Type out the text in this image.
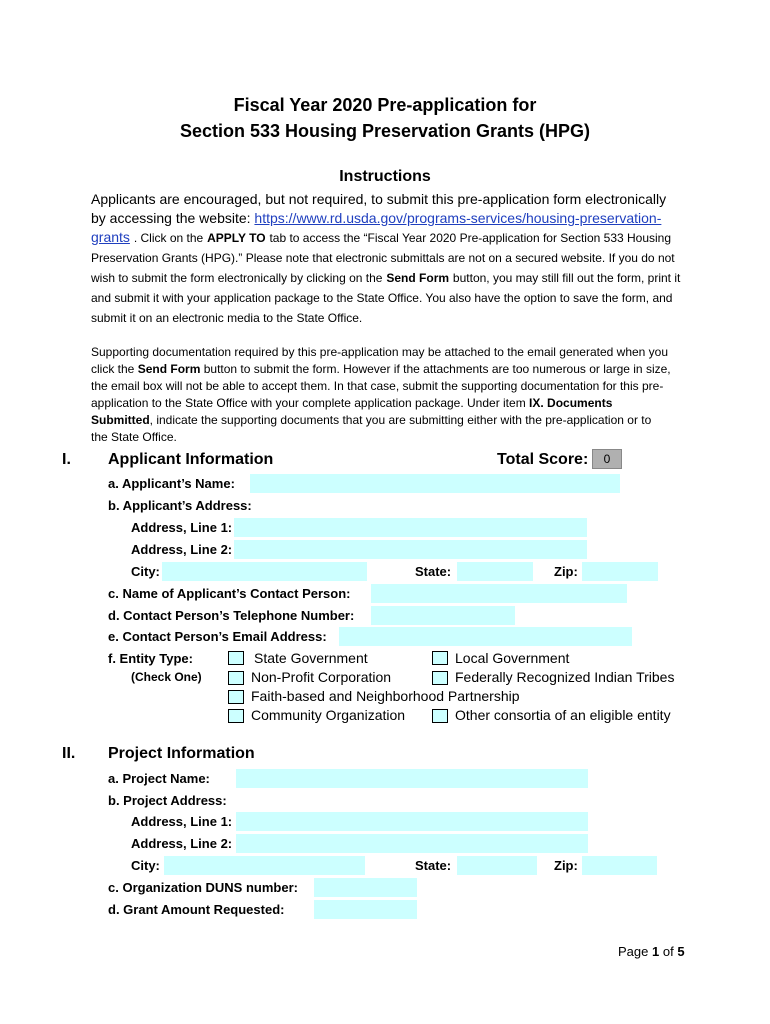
Fiscal Year 2020 Pre-application for
Section 533 Housing Preservation Grants (HPG)
Instructions
Applicants are encouraged, but not required, to submit this pre-application form electronically by accessing the website: https://www.rd.usda.gov/programs-services/housing-preservation-grants . Click on the APPLY TO tab to access the “Fiscal Year 2020 Pre-application for Section 533 Housing Preservation Grants (HPG).” Please note that electronic submittals are not on a secured website. If you do not wish to submit the form electronically by clicking on the Send Form button, you may still fill out the form, print it and submit it with your application package to the State Office. You also have the option to save the form, and submit it on an electronic media to the State Office.
Supporting documentation required by this pre-application may be attached to the email generated when you click the Send Form button to submit the form. However if the attachments are too numerous or large in size, the email box will not be able to accept them. In that case, submit the supporting documentation for this pre-application to the State Office with your complete application package. Under item IX. Documents Submitted, indicate the supporting documents that you are submitting either with the pre-application or to the State Office.
I. Applicant Information	Total Score:	0
a. Applicant’s Name:
b. Applicant’s Address:
Address, Line 1:
Address, Line 2:
City:	State:	Zip:
c. Name of Applicant’s Contact Person:
d. Contact Person’s Telephone Number:
e. Contact Person’s Email Address:
f. Entity Type:
(Check One)
State Government	Local Government
Non-Profit Corporation	Federally Recognized Indian Tribes
Faith-based and Neighborhood Partnership
Community Organization	Other consortia of an eligible entity
II. Project Information
a. Project Name:
b. Project Address:
Address, Line 1:
Address, Line 2:
City:	State:	Zip:
c. Organization DUNS number:
d. Grant Amount Requested:
Page 1 of 5
